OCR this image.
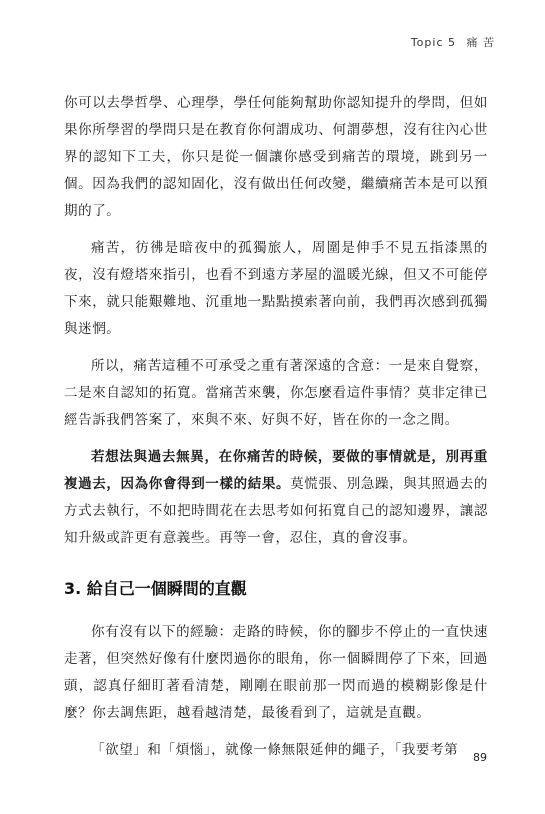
Topic 5 痛 苦

你可以去學哲學、心理學，學任何能夠幫助你認知提升的學問，但如果你所學習的學問只是在教育你何謂成功、何謂夢想，沒有往內心世界的認知下工夫，你只是從一個讓你感受到痛苦的環境，跳到另一個。因為我們的認知固化，沒有做出任何改變，繼續痛苦本是可以預期的了。

痛苦，彷彿是暗夜中的孤獨旅人，周圍是伸手不見五指漆黑的夜，沒有燈塔來指引，也看不到遠方茅屋的溫暖光線，但又不可能停下來，就只能艱難地、沉重地一點點摸索著向前，我們再次感到孤獨與迷惘。

所以，痛苦這種不可承受之重有著深遠的含意：一是來自覺察，二是來自認知的拓寬。當痛苦來襲，你怎麼看這件事情？莫非定律已經告訴我們答案了，來與不來、好與不好，皆在你的一念之間。

若想法與過去無異，在你痛苦的時候，要做的事情就是，別再重複過去，因為你會得到一樣的結果。莫慌張、別急躁，與其照過去的方式去執行，不如把時間花在去思考如何拓寬自己的認知邊界，讓認知升級或許更有意義些。再等一會，忍住，真的會沒事。

3. 給自己一個瞬間的直觀

你有沒有以下的經驗：走路的時候，你的腳步不停止的一直快速走著，但突然好像有什麼閃過你的眼角，你一個瞬間停了下來，回過頭，認真仔細盯著看清楚，剛剛在眼前那一閃而過的模糊影像是什麼？你去調焦距，越看越清楚，最後看到了，這就是直觀。

「欲望」和「煩惱」，就像一條無限延伸的繩子，「我要考第	89
